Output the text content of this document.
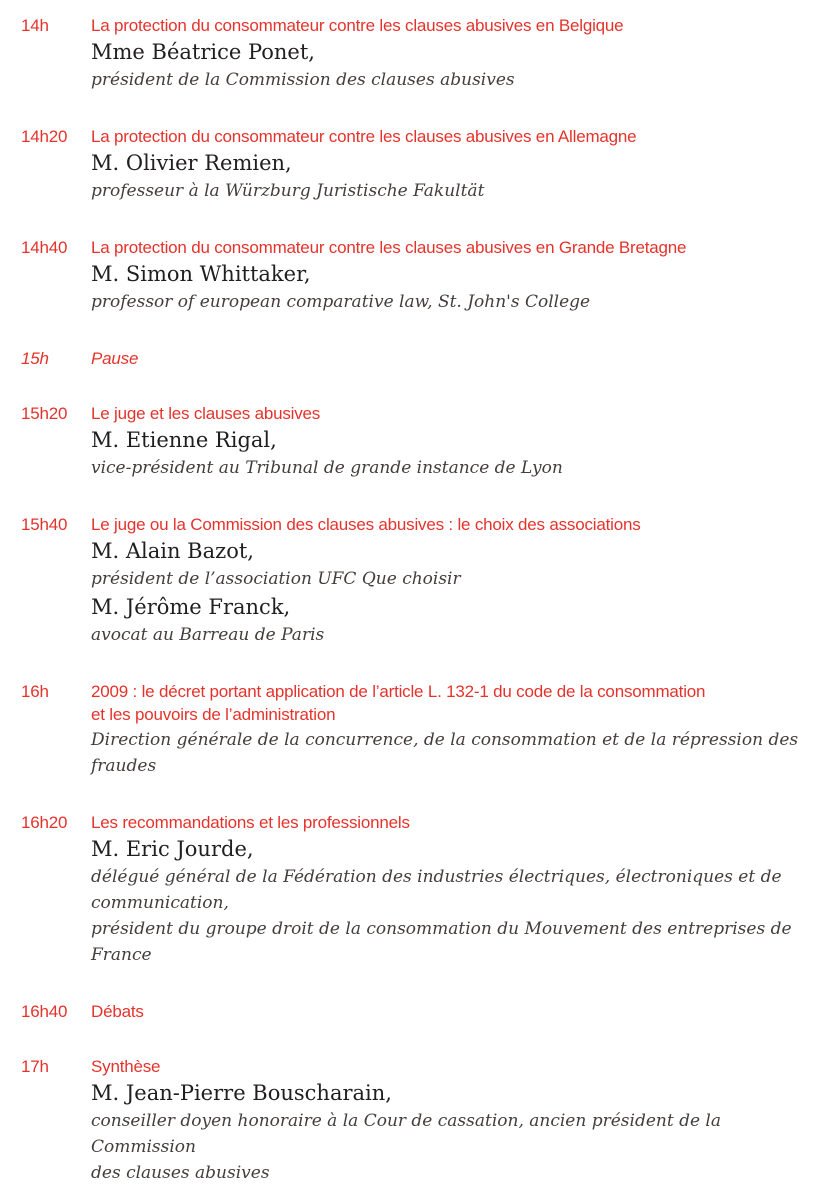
14h	La protection du consommateur contre les clauses abusives en Belgique
Mme Béatrice Ponet,
président de la Commission des clauses abusives
14h20	La protection du consommateur contre les clauses abusives en Allemagne
M. Olivier Remien,
professeur à la Würzburg Juristische Fakultät
14h40	La protection du consommateur contre les clauses abusives en Grande Bretagne
M. Simon Whittaker,
professor of european comparative law, St. John's College
15h	Pause
15h20	Le juge et les clauses abusives
M. Etienne Rigal,
vice-président au Tribunal de grande instance de Lyon
15h40	Le juge ou la Commission des clauses abusives : le choix des associations
M. Alain Bazot,
président de l’association UFC Que choisir
M. Jérôme Franck,
avocat au Barreau de Paris
16h	2009 : le décret portant application de l’article L. 132-1 du code de la consommation
et les pouvoirs de l’administration
Direction générale de la concurrence, de la consommation et de la répression des fraudes
16h20	Les recommandations et les professionnels
M. Eric Jourde,
délégué général de la Fédération des industries électriques, électroniques et de communication,
président du groupe droit de la consommation du Mouvement des entreprises de France
16h40	Débats
17h	Synthèse
M. Jean-Pierre Bouscharain,
conseiller doyen honoraire à la Cour de cassation, ancien président de la Commission
des clauses abusives
